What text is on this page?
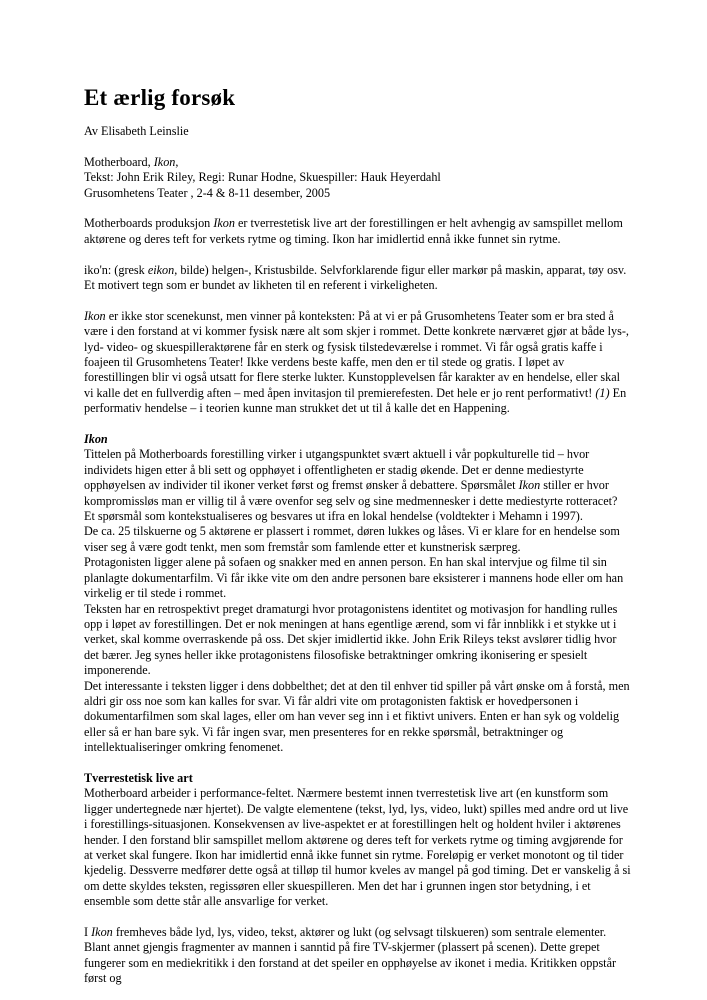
Et ærlig forsøk

Av Elisabeth Leinslie

Motherboard, Ikon,

Tekst: John Erik Riley, Regi: Runar Hodne, Skuespiller: Hauk Heyerdahl

Grusomhetens Teater , 2-4 & 8-11 desember, 2005

Motherboards produksjon Ikon er tverrestetisk live art der forestillingen er helt avhengig av samspillet mellom aktørene og deres teft for verkets rytme og timing. Ikon har imidlertid ennå ikke funnet sin rytme.

iko'n: (gresk eikon, bilde) helgen-, Kristusbilde. Selvforklarende figur eller markør på maskin, apparat, tøy osv. Et motivert tegn som er bundet av likheten til en referent i virkeligheten.

Ikon er ikke stor scenekunst, men vinner på konteksten: På at vi er på Grusomhetens Teater som er bra sted å være i den forstand at vi kommer fysisk nære alt som skjer i rommet. Dette konkrete nærværet gjør at både lys-, lyd- video- og skuespilleraktørene får en sterk og fysisk tilstedeværelse i rommet. Vi får også gratis kaffe i foajeen til Grusomhetens Teater! Ikke verdens beste kaffe, men den er til stede og gratis. I løpet av forestillingen blir vi også utsatt for flere sterke lukter. Kunstopplevelsen får karakter av en hendelse, eller skal vi kalle det en fullverdig aften – med åpen invitasjon til premierefesten. Det hele er jo rent performativt! (1) En performativ hendelse – i teorien kunne man strukket det ut til å kalle det en Happening.

Ikon

Tittelen på Motherboards forestilling virker i utgangspunktet svært aktuell i vår popkulturelle tid – hvor individets higen etter å bli sett og opphøyet i offentligheten er stadig økende. Det er denne mediestyrte opphøyelsen av individer til ikoner verket først og fremst ønsker å debattere. Spørsmålet Ikon stiller er hvor kompromissløs man er villig til å være ovenfor seg selv og sine medmennesker i dette mediestyrte rotteracet? Et spørsmål som kontekstualiseres og besvares ut ifra en lokal hendelse (voldtekter i Mehamn i 1997).

De ca. 25 tilskuerne og 5 aktørene er plassert i rommet, døren lukkes og låses. Vi er klare for en hendelse som viser seg å være godt tenkt, men som fremstår som famlende etter et kunstnerisk særpreg.

Protagonisten ligger alene på sofaen og snakker med en annen person. En han skal intervjue og filme til sin planlagte dokumentarfilm. Vi får ikke vite om den andre personen bare eksisterer i mannens hode eller om han virkelig er til stede i rommet.

Teksten har en retrospektivt preget dramaturgi hvor protagonistens identitet og motivasjon for handling rulles opp i løpet av forestillingen. Det er nok meningen at hans egentlige ærend, som vi får innblikk i et stykke ut i verket, skal komme overraskende på oss. Det skjer imidlertid ikke. John Erik Rileys tekst avslører tidlig hvor det bærer. Jeg synes heller ikke protagonistens filosofiske betraktninger omkring ikonisering er spesielt imponerende.

Det interessante i teksten ligger i dens dobbelthet; det at den til enhver tid spiller på vårt ønske om å forstå, men aldri gir oss noe som kan kalles for svar. Vi får aldri vite om protagonisten faktisk er hovedpersonen i dokumentarfilmen som skal lages, eller om han vever seg inn i et fiktivt univers. Enten er han syk og voldelig eller så er han bare syk. Vi får ingen svar, men presenteres for en rekke spørsmål, betraktninger og intellektualiseringer omkring fenomenet.

Tverrestetisk live art

Motherboard arbeider i performance-feltet. Nærmere bestemt innen tverrestetisk live art (en kunstform som ligger undertegnede nær hjertet). De valgte elementene (tekst, lyd, lys, video, lukt) spilles med andre ord ut live i forestillings-situasjonen. Konsekvensen av live-aspektet er at forestillingen helt og holdent hviler i aktørenes hender. I den forstand blir samspillet mellom aktørene og deres teft for verkets rytme og timing avgjørende for at verket skal fungere. Ikon har imidlertid ennå ikke funnet sin rytme. Foreløpig er verket monotont og til tider kjedelig. Dessverre medfører dette også at tilløp til humor kveles av mangel på god timing. Det er vanskelig å si om dette skyldes teksten, regissøren eller skuespilleren. Men det har i grunnen ingen stor betydning, i et ensemble som dette står alle ansvarlige for verket.

I Ikon fremheves både lyd, lys, video, tekst, aktører og lukt (og selvsagt tilskueren) som sentrale elementer. Blant annet gjengis fragmenter av mannen i sanntid på fire TV-skjermer (plassert på scenen). Dette grepet fungerer som en mediekritikk i den forstand at det speiler en opphøyelse av ikonet i media. Kritikken oppstår først og
